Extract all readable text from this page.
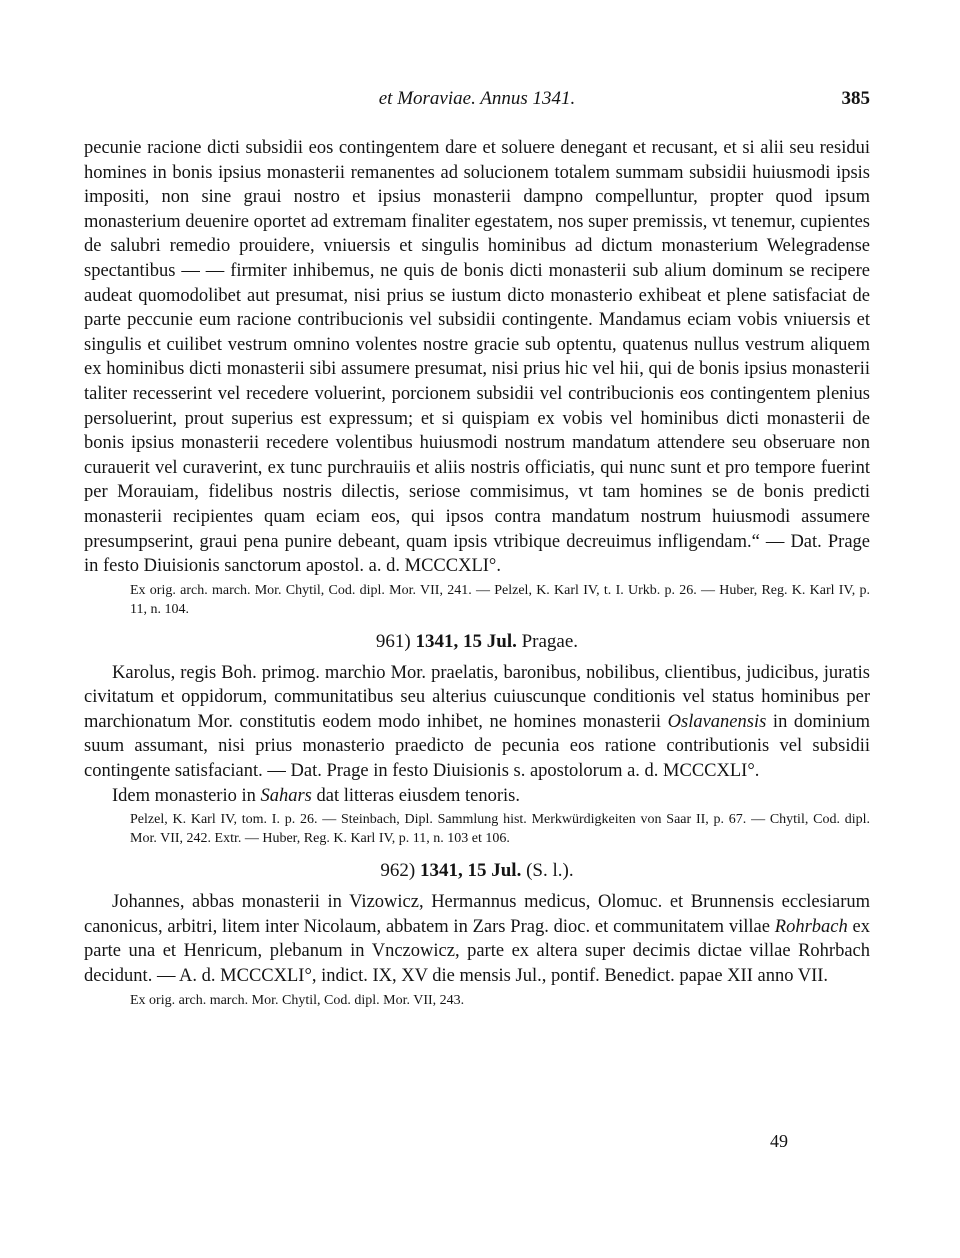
et Moraviae. Annus 1341.	385

pecunie racione dicti subsidii eos contingentem dare et soluere denegant et recusant, et si alii seu residui homines in bonis ipsius monasterii remanentes ad solucionem totalem summam subsidii huiusmodi ipsis impositi, non sine graui nostro et ipsius monasterii dampno compelluntur, propter quod ipsum monasterium deuenire oportet ad extremam finaliter egestatem, nos super premissis, vt tenemur, cupientes de salubri remedio prouidere, vniuersis et singulis hominibus ad dictum monasterium Welegradense spectantibus — — firmiter inhibemus, ne quis de bonis dicti monasterii sub alium dominum se recipere audeat quomodolibet aut presumat, nisi prius se iustum dicto monasterio exhibeat et plene satisfaciat de parte peccunie eum racione contribucionis vel subsidii contingente. Mandamus eciam vobis vniuersis et singulis et cuilibet vestrum omnino volentes nostre gracie sub optentu, quatenus nullus vestrum aliquem ex hominibus dicti monasterii sibi assumere presumat, nisi prius hic vel hii, qui de bonis ipsius monasterii taliter recesserint vel recedere voluerint, porcionem subsidii vel contribucionis eos contingentem plenius persoluerint, prout superius est expressum; et si quispiam ex vobis vel hominibus dicti monasterii de bonis ipsius monasterii recedere volentibus huiusmodi nostrum mandatum attendere seu obseruare non curauerit vel curaverint, ex tunc purchrauiis et aliis nostris officiatis, qui nunc sunt et pro tempore fuerint per Morauiam, fidelibus nostris dilectis, seriose commisimus, vt tam homines se de bonis predicti monasterii recipientes quam eciam eos, qui ipsos contra mandatum nostrum huiusmodi assumere presumpserint, graui pena punire debeant, quam ipsis vtribique decreuimus infligendam.“ — Dat. Prage in festo Diuisionis sanctorum apostol. a. d. MCCCXLI°.

Ex orig. arch. march. Mor. Chytil, Cod. dipl. Mor. VII, 241. — Pelzel, K. Karl IV, t. I. Urkb. p. 26. — Huber, Reg. K. Karl IV, p. 11, n. 104.

961) 1341, 15 Jul. Pragae.

Karolus, regis Boh. primog. marchio Mor. praelatis, baronibus, nobilibus, clientibus, judicibus, juratis civitatum et oppidorum, communitatibus seu alterius cuiuscunque conditionis vel status hominibus per marchionatum Mor. constitutis eodem modo inhibet, ne homines monasterii Oslavanensis in dominium suum assumant, nisi prius monasterio praedicto de pecunia eos ratione contributionis vel subsidii contingente satisfaciant. — Dat. Prage in festo Diuisionis s. apostolorum a. d. MCCCXLI°.

Idem monasterio in Sahars dat litteras eiusdem tenoris.

Pelzel, K. Karl IV, tom. I. p. 26. — Steinbach, Dipl. Sammlung hist. Merkwürdigkeiten von Saar II, p. 67. — Chytil, Cod. dipl. Mor. VII, 242. Extr. — Huber, Reg. K. Karl IV, p. 11, n. 103 et 106.

962) 1341, 15 Jul. (S. l.).

Johannes, abbas monasterii in Vizowicz, Hermannus medicus, Olomuc. et Brunnensis ecclesiarum canonicus, arbitri, litem inter Nicolaum, abbatem in Zars Prag. dioc. et communitatem villae Rohrbach ex parte una et Henricum, plebanum in Vnczowicz, parte ex altera super decimis dictae villae Rohrbach decidunt. — A. d. MCCCXLI°, indict. IX, XV die mensis Jul., pontif. Benedict. papae XII anno VII.

Ex orig. arch. march. Mor. Chytil, Cod. dipl. Mor. VII, 243.

49
